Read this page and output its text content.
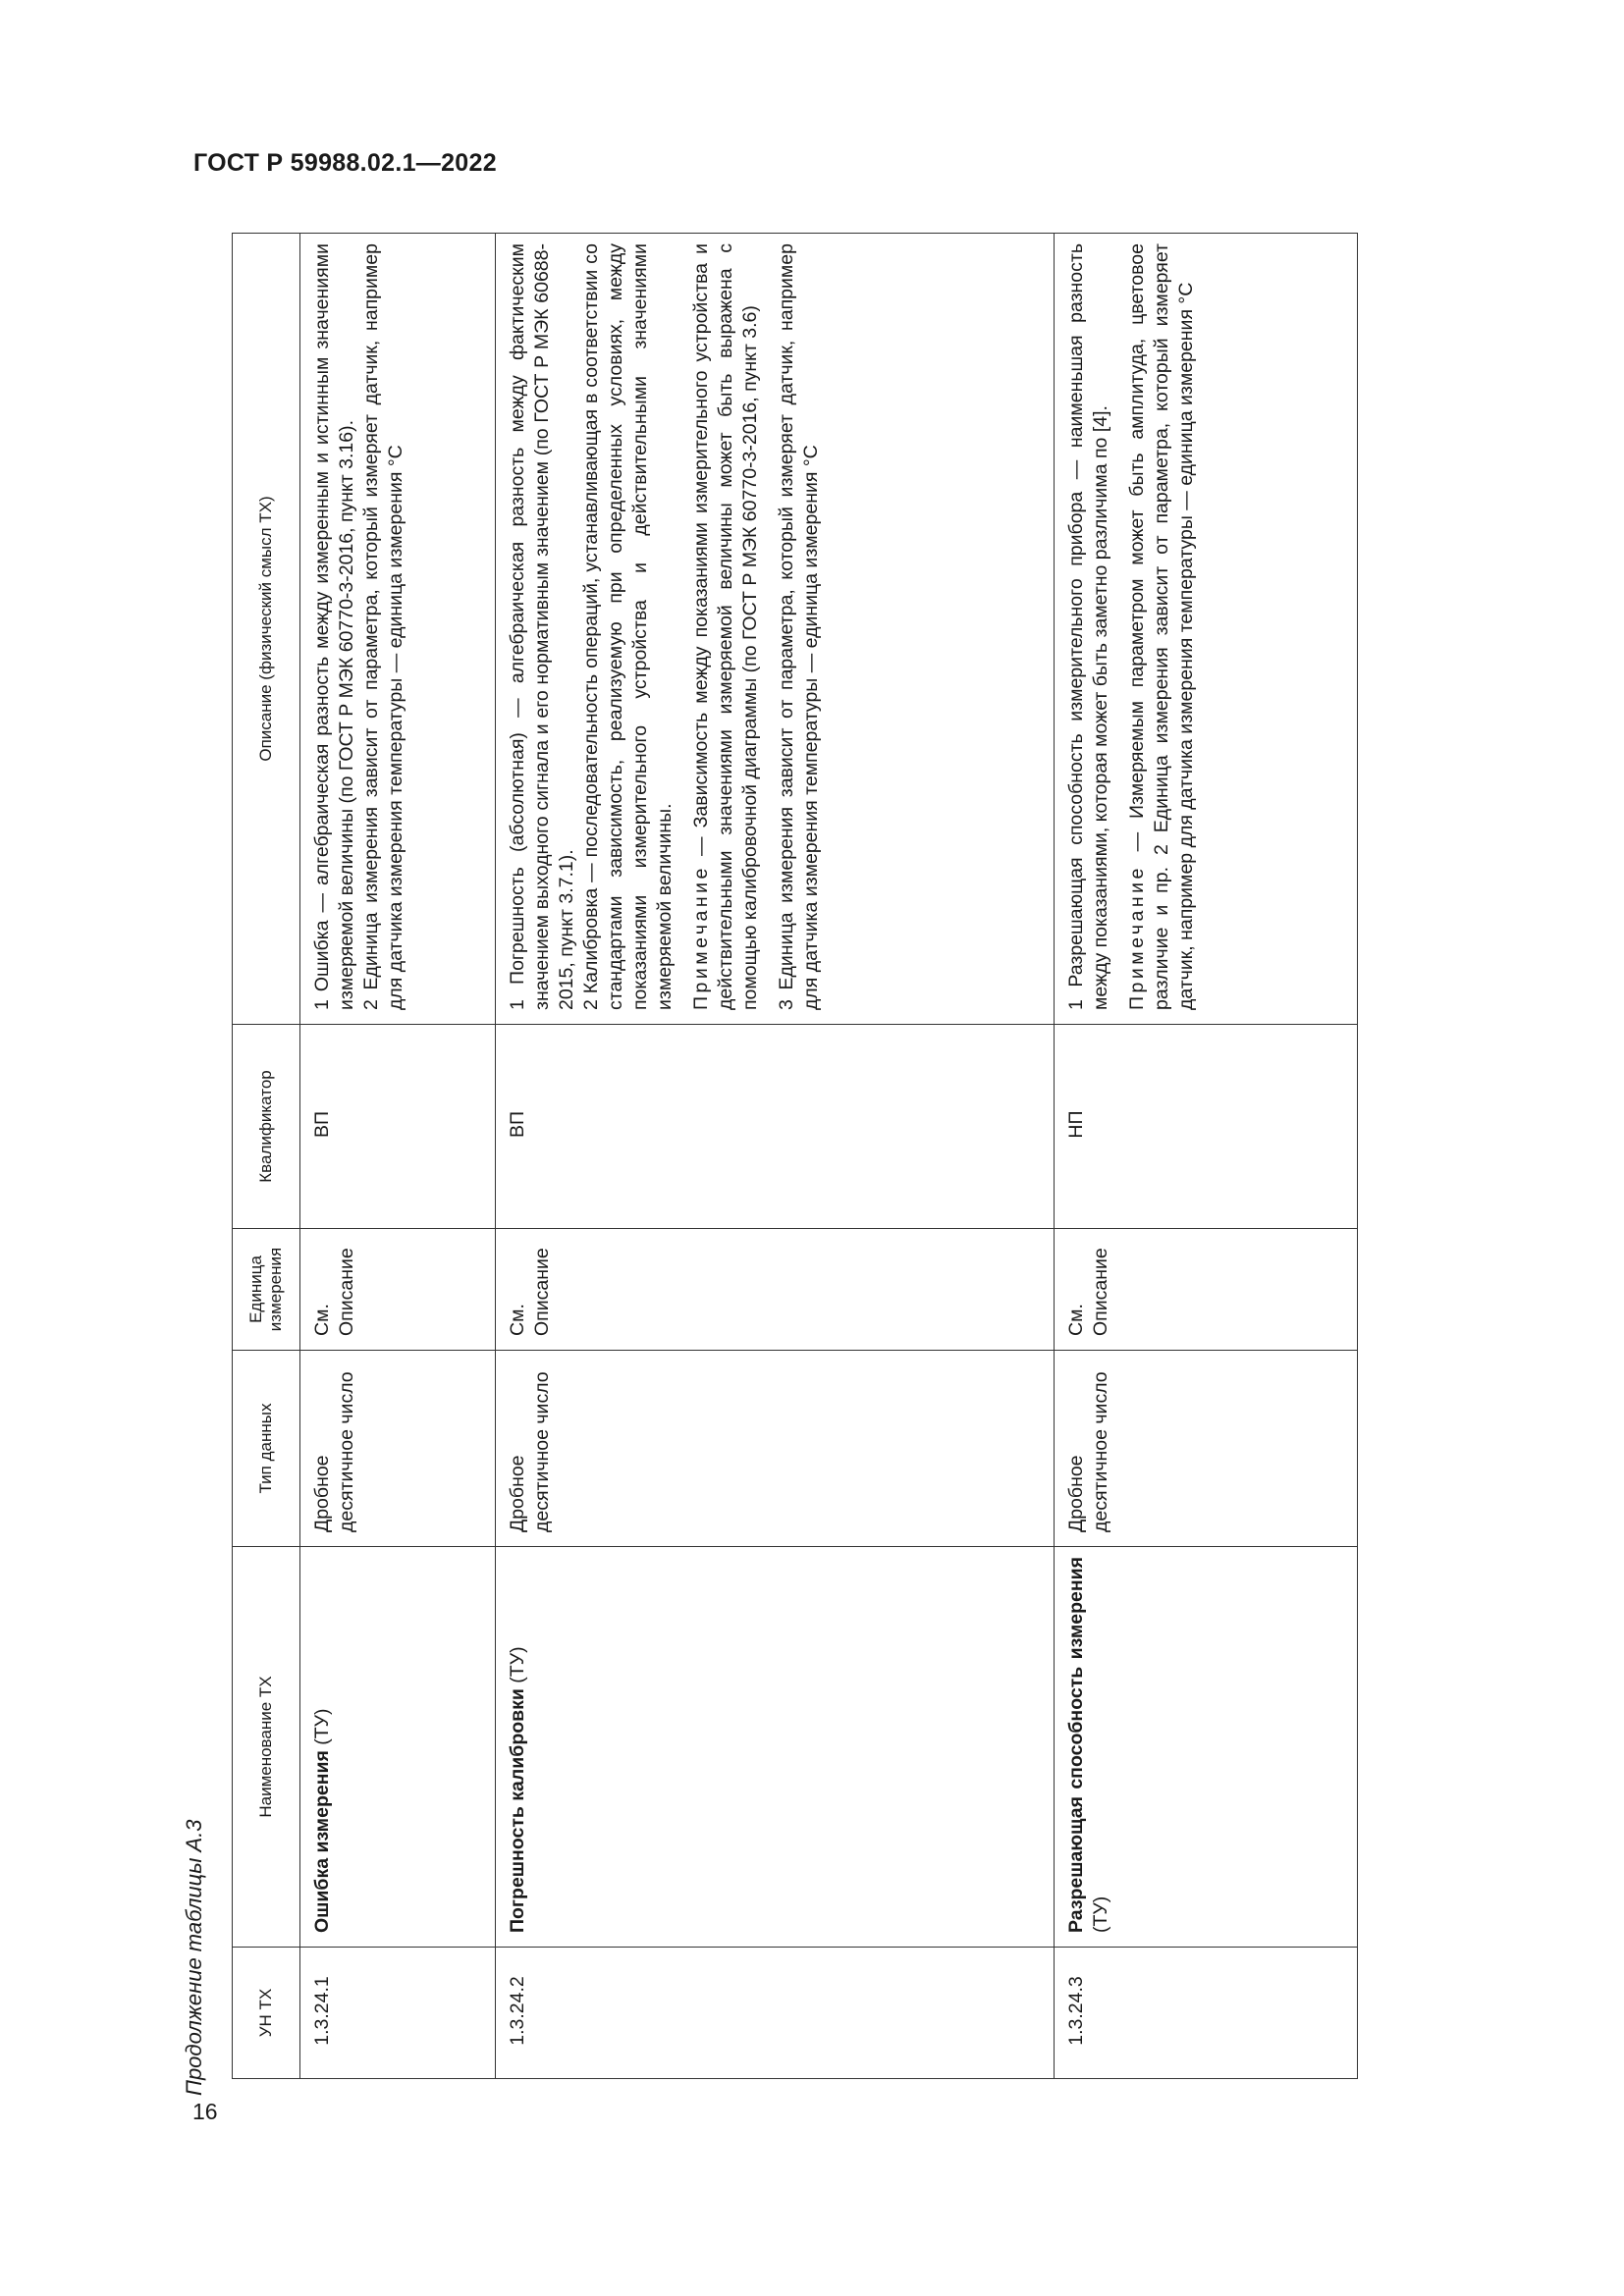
ГОСТ Р 59988.02.1—2022
Продолжение таблицы А.3	УН ТХ	Наименование ТХ	Тип данных	Единица измерения	Квалификатор	Описание (физический смысл ТХ)
1.3.24.1	Ошибка измерения (ТУ)	Дробное десятичное число	См. Описание	ВП	1 Ошибка — алгебраическая разность между измеренным и истинным значениями измеряемой величины (по ГОСТ Р МЭК 60770-3-2016, пункт 3.16). 2 Единица измерения зависит от параметра, который измеряет датчик, например для датчика измерения температуры — единица измерения °С

1.3.24.2	Погрешность калибровки (ТУ)	Дробное десятичное число	См. Описание	ВП	1 Погрешность (абсолютная) — алгебраическая разность между фактическим значением выходного сигнала и его нормативным значением (по ГОСТ Р МЭК 60688-2015, пункт 3.7.1). 2 Калибровка — последовательность операций, устанавливающая в соответствии со стандартами зависимость, реализуемую при определенных условиях, между показаниями измерительного устройства и действительными значениями измеряемой величины. Примечание — Зависимость между показаниями измерительного устройства и действительными значениями измеряемой величины может быть выражена с помощью калибровочной диаграммы (по ГОСТ Р МЭК 60770-3-2016, пункт 3.6) 3 Единица измерения зависит от параметра, который измеряет датчик, например для датчика измерения температуры — единица измерения °С

1.3.24.3	Разрешающая способность измерения (ТУ)	Дробное десятичное число	См. Описание	НП	1 Разрешающая способность измерительного прибора — наименьшая разность между показаниями, которая может быть заметно различима по [4]. Примечание — Измеряемым параметром может быть амплитуда, цветовое различие и пр. 2 Единица измерения зависит от параметра, который измеряет датчик, например для датчика измерения температуры — единица измерения °С

16
